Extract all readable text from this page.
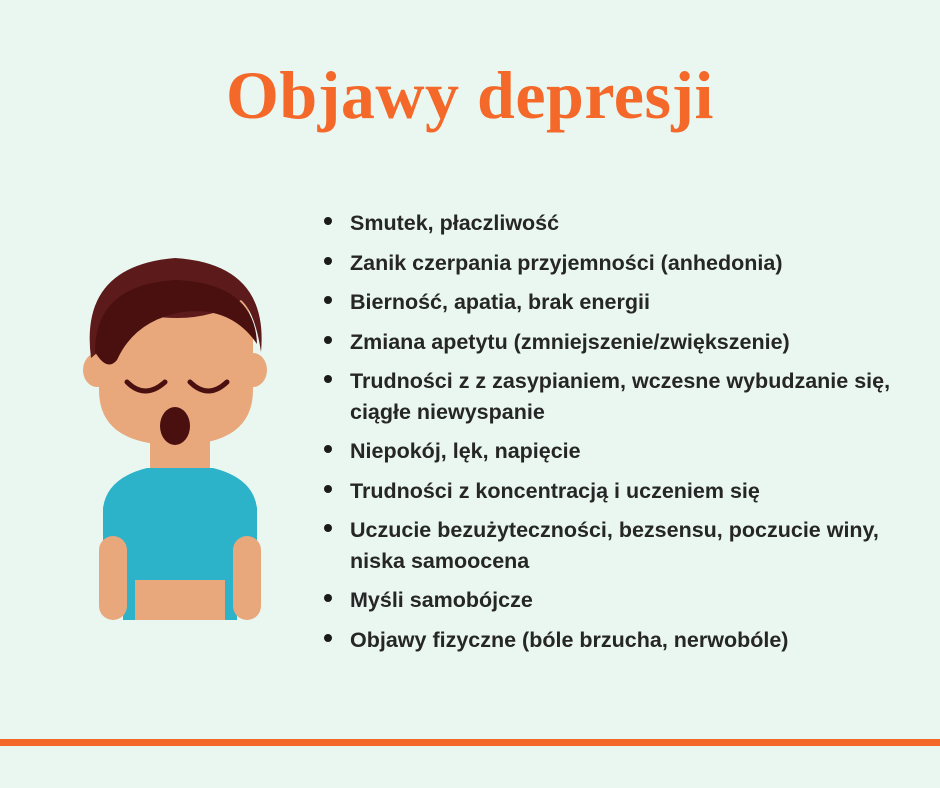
Objawy depresji
Smutek, płaczliwość
Zanik czerpania przyjemności (anhedonia)
Bierność, apatia, brak energii
Zmiana apetytu (zmniejszenie/zwiększenie)
Trudności z z zasypianiem, wczesne wybudzanie się, ciągłe niewyspanie
Niepokój, lęk, napięcie
Trudności z koncentracją i uczeniem się
Uczucie bezużyteczności, bezsensu, poczucie winy, niska samoocena
Myśli samobójcze
Objawy fizyczne (bóle brzucha, nerwobóle)
